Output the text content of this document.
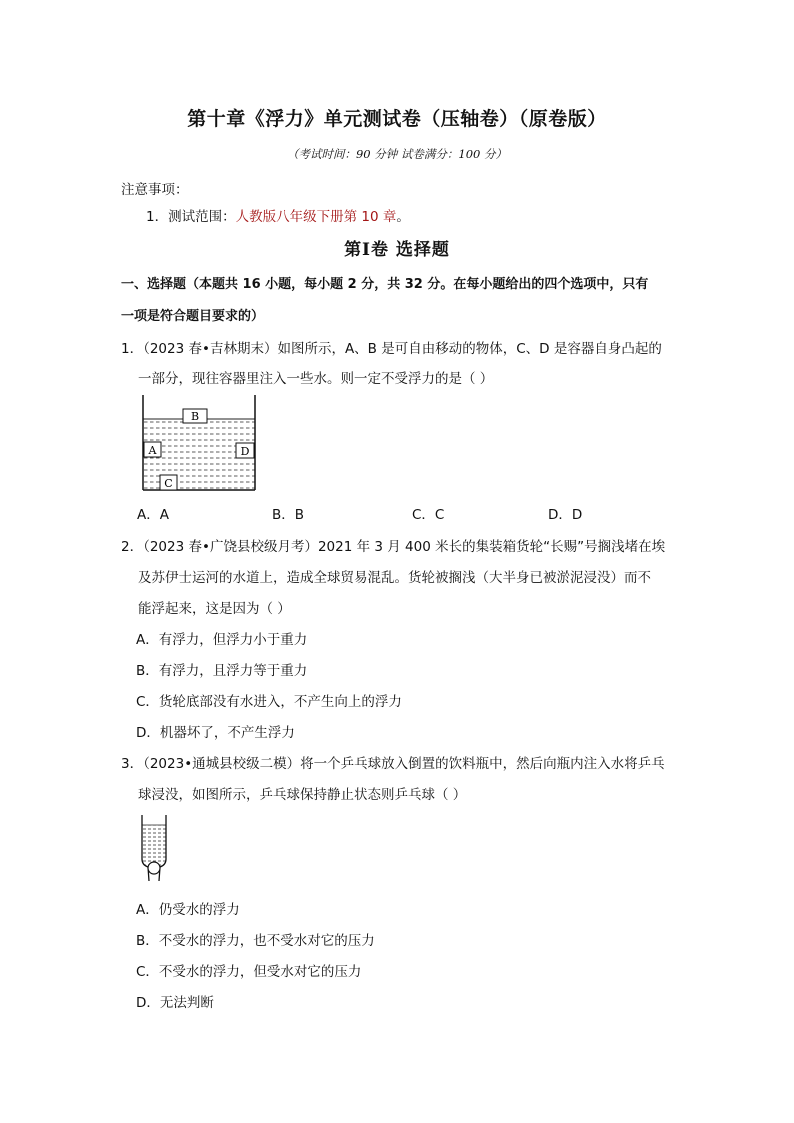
第十章《浮力》单元测试卷（压轴卷）（原卷版）
（考试时间：90 分钟 试卷满分：100 分）
注意事项：
1．测试范围：人教版八年级下册第 10 章。
第Ⅰ卷 选择题
一、选择题（本题共 16 小题，每小题 2 分，共 32 分。在每小题给出的四个选项中，只有
一项是符合题目要求的）
1．（2023 春•吉林期末）如图所示，A、B 是可自由移动的物体，C、D 是容器自身凸起的
一部分，现往容器里注入一些水。则一定不受浮力的是（ ）
B
A	D
C
A．A	B．B	C．C	D．D
2．（2023 春•广饶县校级月考）2021 年 3 月 400 米长的集装箱货轮“长赐”号搁浅堵在埃
及苏伊士运河的水道上，造成全球贸易混乱。货轮被搁浅（大半身已被淤泥浸没）而不
能浮起来，这是因为（ ）
A．有浮力，但浮力小于重力
B．有浮力，且浮力等于重力
C．货轮底部没有水进入，不产生向上的浮力
D．机器坏了，不产生浮力
3．（2023•通城县校级二模）将一个乒乓球放入倒置的饮料瓶中，然后向瓶内注入水将乒乓
球浸没，如图所示，乒乓球保持静止状态则乒乓球（ ）
A．仍受水的浮力
B．不受水的浮力，也不受水对它的压力
C．不受水的浮力，但受水对它的压力
D．无法判断
